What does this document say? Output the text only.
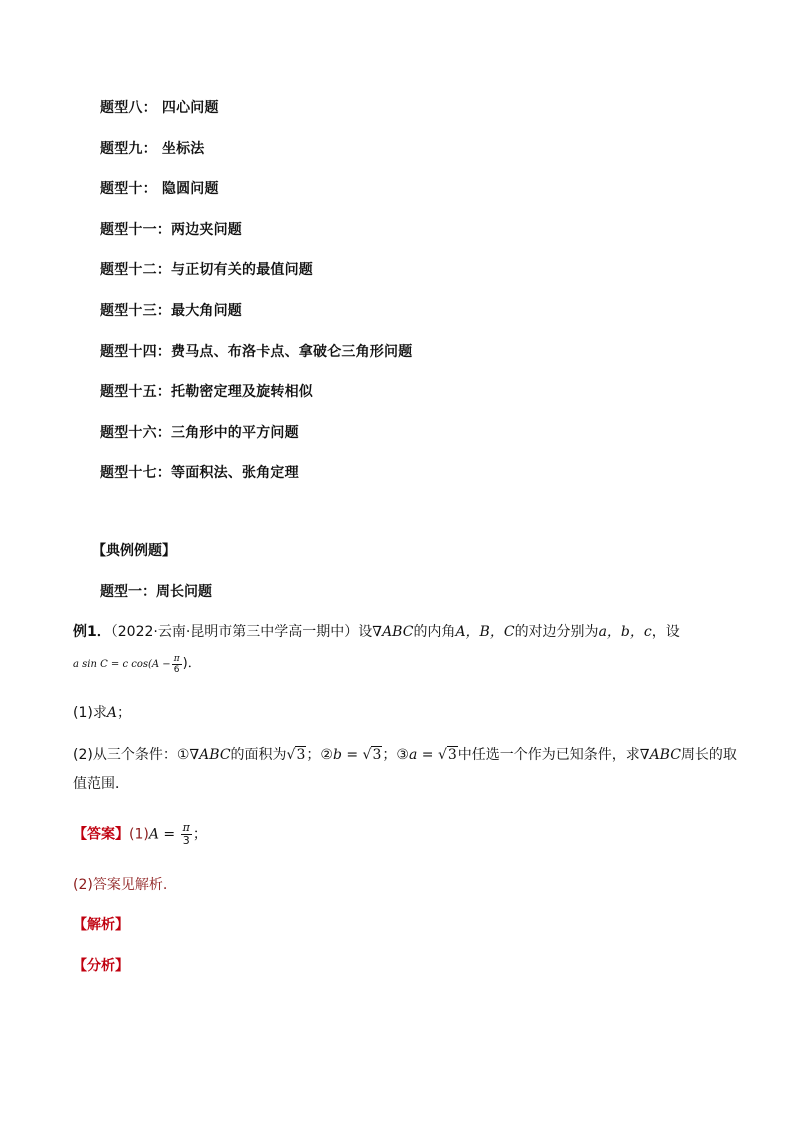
题型八： 四心问题
题型九： 坐标法
题型十： 隐圆问题
题型十一：两边夹问题
题型十二：与正切有关的最值问题
题型十三：最大角问题
题型十四：费马点、布洛卡点、拿破仑三角形问题
题型十五：托勒密定理及旋转相似
题型十六：三角形中的平方问题
题型十七：等面积法、张角定理
【典例例题】
题型一：周长问题
例1．（2022·云南·昆明市第三中学高一期中）设∇ABC的内角A，B，C的对边分别为a，b，c，设
a sin C = c $\cos(A - \frac{\pi}{6}$ )．
(1)求A；
(2)从三个条件：①∇ABC的面积为√3；②b = √3；③a = √3中任选一个作为已知条件，求∇ABC周长的取
值范围．
【答案】$(1)A = \frac{\pi}{3}$ ；
(2)答案见解析.
【解析】
【分析】
